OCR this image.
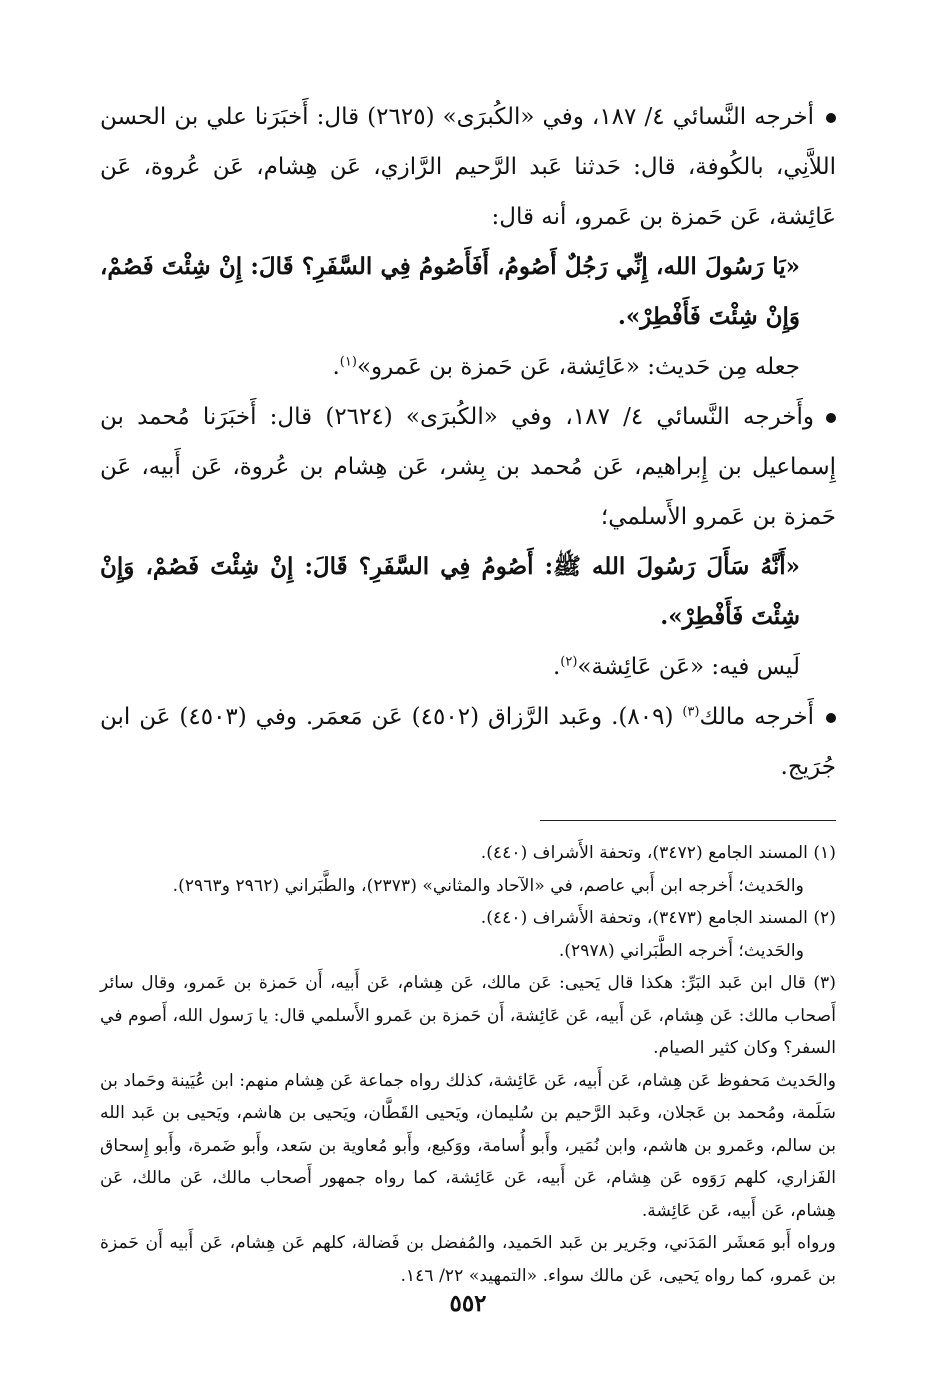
أخرجه النَّسائي ٤/ ١٨٧، وفي «الكُبرَى» (٢٦٢٥) قال: أَخبَرَنا علي بن الحسن اللاَّنِي، بالكُوفة، قال: حَدثنا عَبد الرَّحيم الرَّازي، عَن هِشام، عَن عُروة، عَن عَائِشة، عَن حَمزة بن عَمرو، أنه قال:

«يَا رَسُولَ الله، إِنِّي رَجُلٌ أَصُومُ، أَفَأَصُومُ فِي السَّفَرِ؟ قَالَ: إِنْ شِئْتَ فَصُمْ، وَإِنْ شِئْتَ فَأَفْطِرْ».

جعله مِن حَديث: «عَائِشة، عَن حَمزة بن عَمرو»$^{(١)}$.

وأَخرجه النَّسائي ٤/ ١٨٧، وفي «الكُبرَى» (٢٦٢٤) قال: أَخبَرَنا مُحمد بن إِسماعيل بن إِبراهيم، عَن مُحمد بن بِشر، عَن هِشام بن عُروة، عَن أَبيه، عَن حَمزة بن عَمرو الأَسلمي؛

«أَنَّهُ سَأَلَ رَسُولَ الله ﷺ: أَصُومُ فِي السَّفَرِ؟ قَالَ: إِنْ شِئْتَ فَصُمْ، وَإِنْ شِئْتَ فَأَفْطِرْ».

لَيس فيه: «عَن عَائِشة»$^{(٢)}$.

أَخرجه مالك$^{(٣)}$ (٨٠٩). وعَبد الرَّزاق (٤٥٠٢) عَن مَعمَر. وفي (٤٥٠٣) عَن ابن جُرَيج.

(١) المسند الجامع (٣٤٧٢)، وتحفة الأَشراف (٤٤٠).

والحَديث؛ أَخرجه ابن أَبي عاصم، في «الآحاد والمثاني» (٢٣٧٣)، والطَّبَراني (٢٩٦٢ و٢٩٦٣).

(٢) المسند الجامع (٣٤٧٣)، وتحفة الأَشراف (٤٤٠).

والحَديث؛ أَخرجه الطَّبَراني (٢٩٧٨).

(٣) قال ابن عَبد البَرِّ: هكذا قال يَحيى: عَن مالك، عَن هِشام، عَن أَبيه، أَن حَمزة بن عَمرو، وقال سائر أَصحاب مالك: عَن هِشام، عَن أَبيه، عَن عَائِشة، أَن حَمزة بن عَمرو الأَسلمي قال: يا رَسول الله، أَصوم في السفر؟ وكان كثير الصيام.

والحَديث مَحفوظ عَن هِشام، عَن أَبيه، عَن عَائِشة، كذلك رواه جماعة عَن هِشام منهم: ابن عُيَينة وحَماد بن سَلَمة، ومُحمد بن عَجلان، وعَبد الرَّحيم بن سُليمان، ويَحيى القَطَّان، ويَحيى بن هاشم، ويَحيى بن عَبد الله بن سالم، وعَمرو بن هاشم، وابن نُمَير، وأَبو أُسامة، ووَكيع، وأَبو مُعاوية بن سَعد، وأَبو ضَمرة، وأَبو إِسحاق الفَزاري، كلهم رَوَوه عَن هِشام، عَن أَبيه، عَن عَائِشة، كما رواه جمهور أَصحاب مالك، عَن مالك، عَن هِشام، عَن أَبيه، عَن عَائِشة.

ورواه أَبو مَعشَر المَدَني، وجَرير بن عَبد الحَميد، والمُفضل بن فَضالة، كلهم عَن هِشام، عَن أَبيه أَن حَمزة بن عَمرو، كما رواه يَحيى، عَن مالك سواء. «التمهيد» ٢٢/ ١٤٦.

٥٥٢
